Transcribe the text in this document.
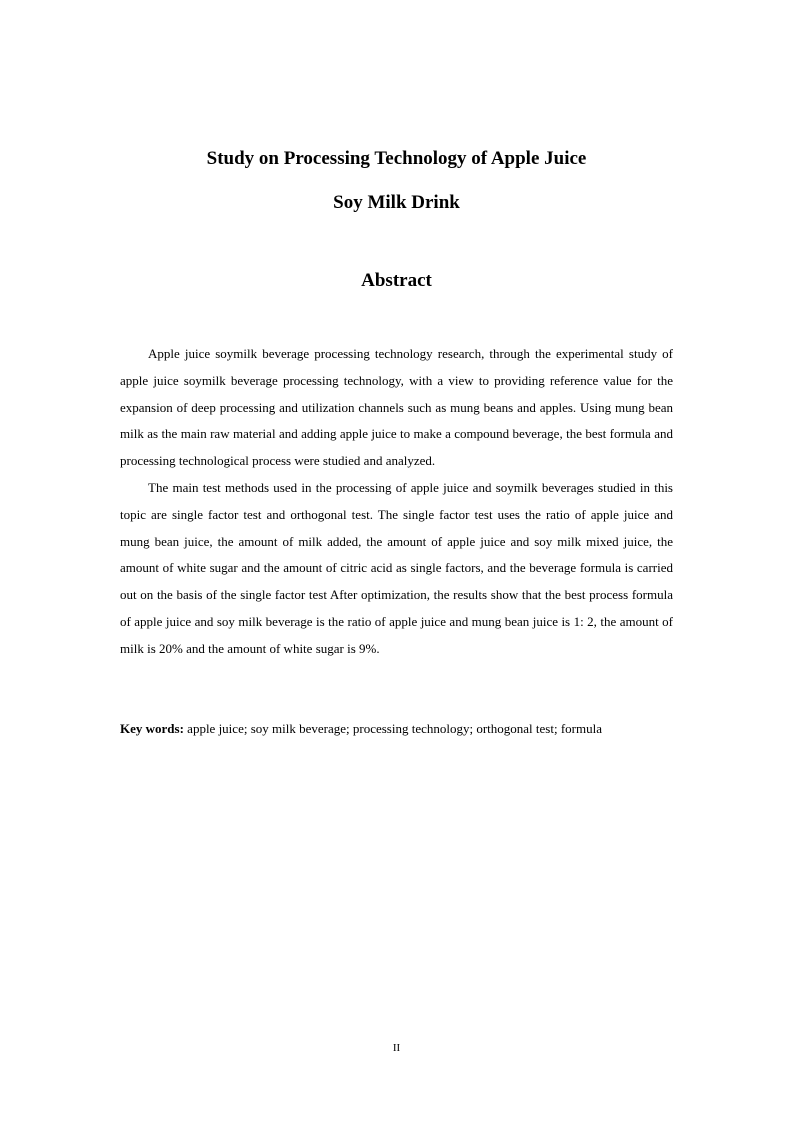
Study on Processing Technology of Apple Juice

Soy Milk Drink

Abstract

Apple juice soymilk beverage processing technology research, through the experimental study of apple juice soymilk beverage processing technology, with a view to providing reference value for the expansion of deep processing and utilization channels such as mung beans and apples. Using mung bean milk as the main raw material and adding apple juice to make a compound beverage, the best formula and processing technological process were studied and analyzed.

The main test methods used in the processing of apple juice and soymilk beverages studied in this topic are single factor test and orthogonal test. The single factor test uses the ratio of apple juice and mung bean juice, the amount of milk added, the amount of apple juice and soy milk mixed juice, the amount of white sugar and the amount of citric acid as single factors, and the beverage formula is carried out on the basis of the single factor test After optimization, the results show that the best process formula of apple juice and soy milk beverage is the ratio of apple juice and mung bean juice is 1: 2, the amount of milk is 20% and the amount of white sugar is 9%.

Key words: apple juice; soy milk beverage; processing technology; orthogonal test; formula

II
